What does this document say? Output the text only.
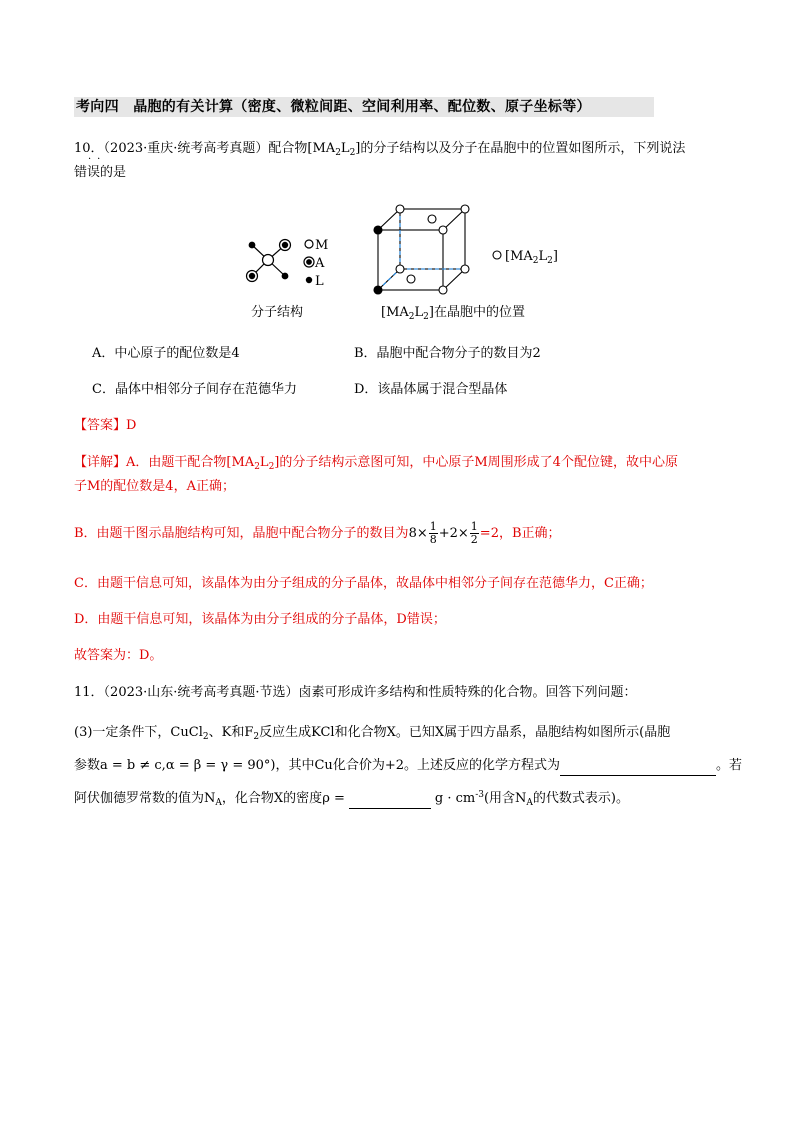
考向四　晶胞的有关计算（密度、微粒间距、空间利用率、配位数、原子坐标等）
10．（2023·重庆·统考高考真题）配合物$[MA_2L_2]$的分子结构以及分子在晶胞中的位置如图所示，下列说法
··
错误的是
M
A
L
$[MA_2L_2]$
分子结构	$[MA_2L_2]$在晶胞中的位置
A．中心原子的配位数是4	B．晶胞中配合物分子的数目为2
C．晶体中相邻分子间存在范德华力	D．该晶体属于混合型晶体
【答案】D
【详解】A．由题干配合物$[MA_2L_2]$的分子结构示意图可知，中心原子M周围形成了4个配位键，故中心原
子M的配位数是4，A正确；
B．由题干图示晶胞结构可知，晶胞中配合物分子的数目为$8\times \frac{1}{8} +2\times \frac{1}{2} =2$，B正确；
C．由题干信息可知，该晶体为由分子组成的分子晶体，故晶体中相邻分子间存在范德华力，C正确；
D．由题干信息可知，该晶体为由分子组成的分子晶体，D错误；
故答案为：D。
11．（2023·山东·统考高考真题·节选）卤素可形成许多结构和性质特殊的化合物。回答下列问题：
(3)一定条件下，CuCl$_2$、K和$F_2$反应生成KCl和化合物X。已知X属于四方晶系，晶胞结构如图所示(晶胞
参数a = b ≠ c,α = β = γ = 90°)，其中Cu化合价为+2。上述反应的化学方程式为	。若
阿伏伽德罗常数的值为$N_A$，化合物X的密度ρ =	$g \cdot cm^{-3}$(用含$N_A$的代数式表示)。
